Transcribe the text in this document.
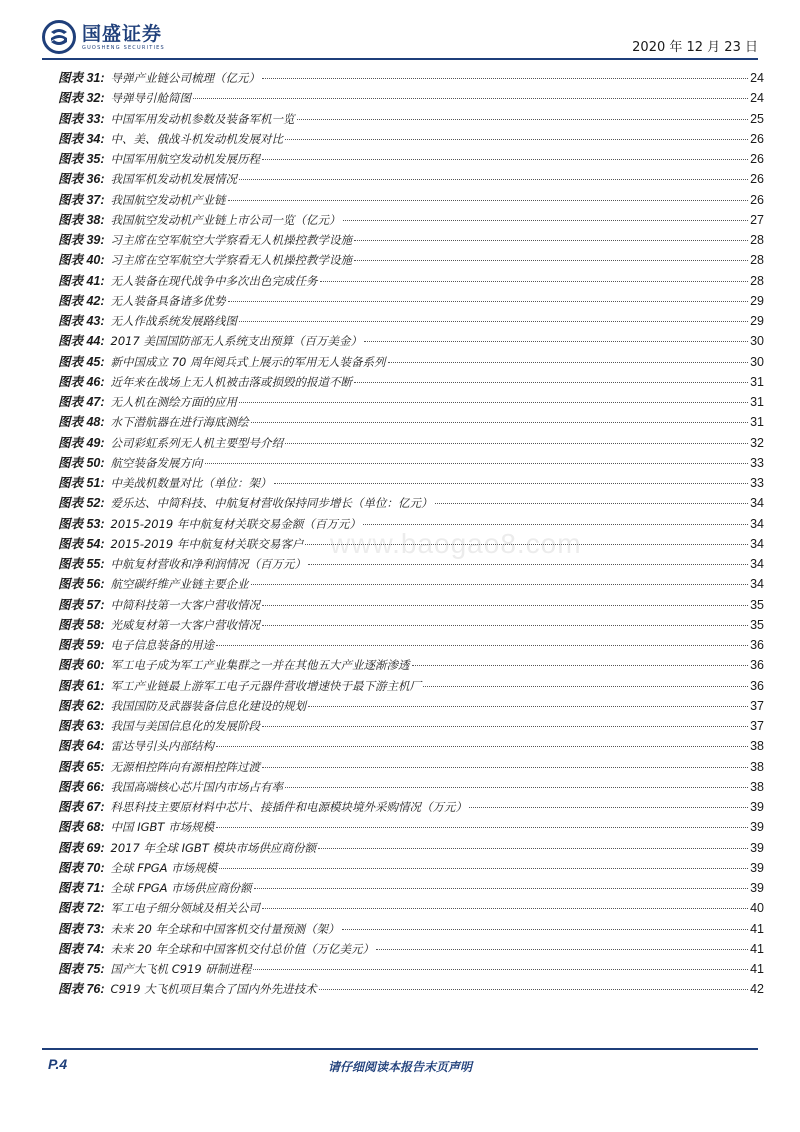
国盛证券
GUOSHENG SECURITIES	2020 年 12 月 23 日
图表 31: 导弹产业链公司梳理（亿元）	24
图表 32: 导弹导引舱简图	24
图表 33: 中国军用发动机参数及装备军机一览	25
图表 34: 中、美、俄战斗机发动机发展对比	26
图表 35: 中国军用航空发动机发展历程	26
图表 36: 我国军机发动机发展情况	26
图表 37: 我国航空发动机产业链	26
图表 38: 我国航空发动机产业链上市公司一览（亿元）	27
图表 39: 习主席在空军航空大学察看无人机操控教学设施	28
图表 40: 习主席在空军航空大学察看无人机操控教学设施	28
图表 41: 无人装备在现代战争中多次出色完成任务	28
图表 42: 无人装备具备诸多优势	29
图表 43: 无人作战系统发展路线图	29
图表 44: 2017 美国国防部无人系统支出预算（百万美金）	30
图表 45: 新中国成立 70 周年阅兵式上展示的军用无人装备系列	30
图表 46: 近年来在战场上无人机被击落或损毁的报道不断	31
图表 47: 无人机在测绘方面的应用	31
图表 48: 水下潜航器在进行海底测绘	31
图表 49: 公司彩虹系列无人机主要型号介绍	32
图表 50: 航空装备发展方向	33
图表 51: 中美战机数量对比（单位：架）	33
图表 52: 爱乐达、中简科技、中航复材营收保持同步增长（单位：亿元）	34
图表 53: 2015-2019 年中航复材关联交易金额（百万元）	34
图表 54: 2015-2019 年中航复材关联交易客户	34
图表 55: 中航复材营收和净利润情况（百万元）	34
图表 56: 航空碳纤维产业链主要企业	34
图表 57: 中简科技第一大客户营收情况	35
图表 58: 光威复材第一大客户营收情况	35
图表 59: 电子信息装备的用途	36
图表 60: 军工电子成为军工产业集群之一并在其他五大产业逐渐渗透	36
图表 61: 军工产业链最上游军工电子元器件营收增速快于最下游主机厂	36
图表 62: 我国国防及武器装备信息化建设的规划	37
图表 63: 我国与美国信息化的发展阶段	37
图表 64: 雷达导引头内部结构	38
图表 65: 无源相控阵向有源相控阵过渡	38
图表 66: 我国高端核心芯片国内市场占有率	38
图表 67: 科思科技主要原材料中芯片、接插件和电源模块境外采购情况（万元）	39
图表 68: 中国 IGBT 市场规模	39
图表 69: 2017 年全球 IGBT 模块市场供应商份额	39
图表 70: 全球 FPGA 市场规模	39
图表 71: 全球 FPGA 市场供应商份额	39
图表 72: 军工电子细分领域及相关公司	40
图表 73: 未来 20 年全球和中国客机交付量预测（架）	41
图表 74: 未来 20 年全球和中国客机交付总价值（万亿美元）	41
图表 75: 国产大飞机 C919 研制进程	41
图表 76: C919 大飞机项目集合了国内外先进技术	42
www.baogao8.com
P.4	请仔细阅读本报告末页声明
